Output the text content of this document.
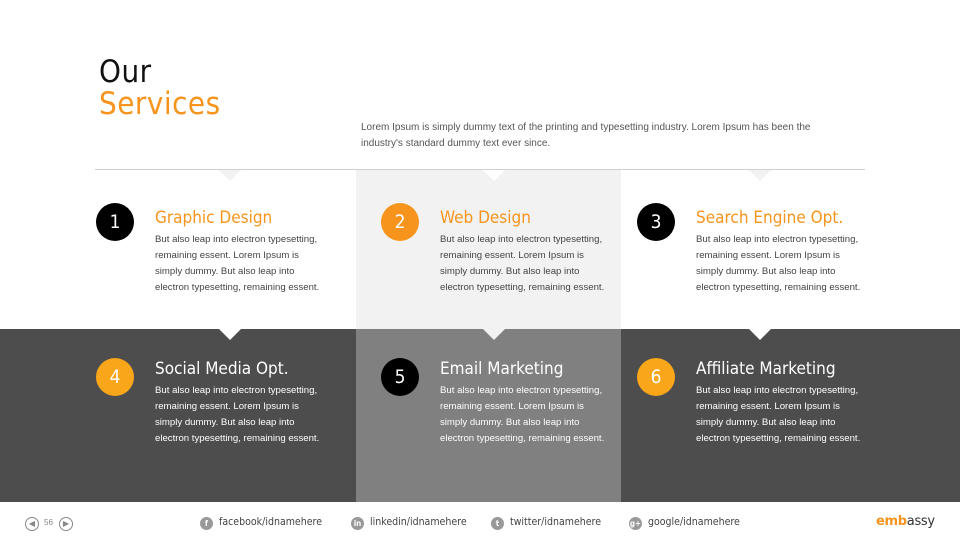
Our
Services
Lorem Ipsum is simply dummy text of the printing and typesetting industry. Lorem Ipsum has been the industry's standard dummy text ever since.
1	Graphic Design
But also leap into electron typesetting, remaining essent. Lorem Ipsum is simply dummy. But also leap into electron typesetting, remaining essent.
2	Web Design
But also leap into electron typesetting, remaining essent. Lorem Ipsum is simply dummy. But also leap into electron typesetting, remaining essent.
3	Search Engine Opt.
But also leap into electron typesetting, remaining essent. Lorem Ipsum is simply dummy. But also leap into electron typesetting, remaining essent.
4	Social Media Opt.
But also leap into electron typesetting, remaining essent. Lorem Ipsum is simply dummy. But also leap into electron typesetting, remaining essent.
5	Email Marketing
But also leap into electron typesetting, remaining essent. Lorem Ipsum is simply dummy. But also leap into electron typesetting, remaining essent.
6	Affiliate Marketing
But also leap into electron typesetting, remaining essent. Lorem Ipsum is simply dummy. But also leap into electron typesetting, remaining essent.
◀	56	▶	f facebook/idnamehere	in linkedin/idnamehere	t twitter/idnamehere	g+ google/idnamehere	embassy
